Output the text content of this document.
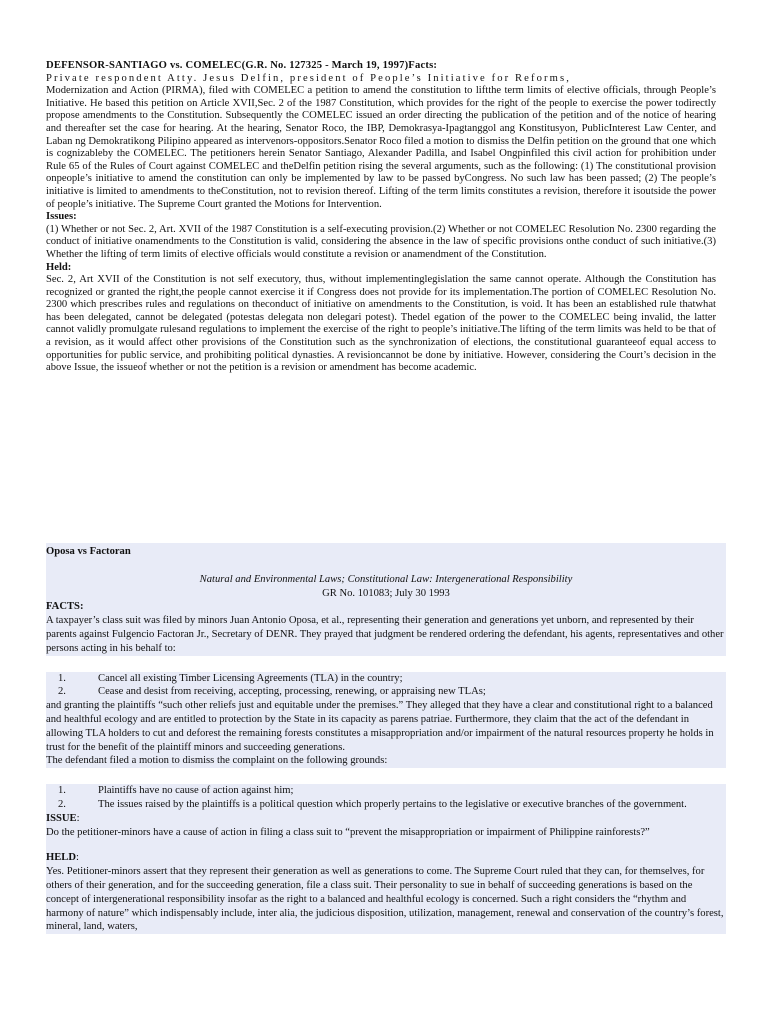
DEFENSOR-SANTIAGO vs. COMELEC(G.R. No. 127325 - March 19, 1997)Facts:

Private respondent Atty. Jesus Delfin, president of People’s Initiative for Reforms,

Modernization and Action (PIRMA), filed with COMELEC a petition to amend the constitution to liftthe term limits of elective officials, through People’s Initiative. He based this petition on Article XVII,Sec. 2 of the 1987 Constitution, which provides for the right of the people to exercise the power todirectly propose amendments to the Constitution. Subsequently the COMELEC issued an order directing the publication of the petition and of the notice of hearing and thereafter set the case for hearing. At the hearing, Senator Roco, the IBP, Demokrasya-Ipagtanggol ang Konstitusyon, PublicInterest Law Center, and Laban ng Demokratikong Pilipino appeared as intervenors-oppositors.Senator Roco filed a motion to dismiss the Delfin petition on the ground that one which is cognizableby the COMELEC. The petitioners herein Senator Santiago, Alexander Padilla, and Isabel Ongpinfiled this civil action for prohibition under Rule 65 of the Rules of Court against COMELEC and theDelfin petition rising the several arguments, such as the following: (1) The constitutional provision onpeople’s initiative to amend the constitution can only be implemented by law to be passed byCongress. No such law has been passed; (2) The people’s initiative is limited to amendments to theConstitution, not to revision thereof. Lifting of the term limits constitutes a revision, therefore it isoutside the power of people’s initiative. The Supreme Court granted the Motions for Intervention.

Issues:

(1) Whether or not Sec. 2, Art. XVII of the 1987 Constitution is a self-executing provision.(2) Whether or not COMELEC Resolution No. 2300 regarding the conduct of initiative onamendments to the Constitution is valid, considering the absence in the law of specific provisions onthe conduct of such initiative.(3) Whether the lifting of term limits of elective officials would constitute a revision or anamendment of the Constitution.

Held:

Sec. 2, Art XVII of the Constitution is not self executory, thus, without implementinglegislation the same cannot operate. Although the Constitution has recognized or granted the right,the people cannot exercise it if Congress does not provide for its implementation.The portion of COMELEC Resolution No. 2300 which prescribes rules and regulations on theconduct of initiative on amendments to the Constitution, is void. It has been an established rule thatwhat has been delegated, cannot be delegated (potestas delegata non delegari potest). Thedel egation of the power to the COMELEC being invalid, the latter cannot validly promulgate rulesand regulations to implement the exercise of the right to people’s initiative.The lifting of the term limits was held to be that of a revision, as it would affect other provisions of the Constitution such as the synchronization of elections, the constitutional guaranteeof equal access to opportunities for public service, and prohibiting political dynasties. A revisioncannot be done by initiative. However, considering the Court’s decision in the above Issue, the issueof whether or not the petition is a revision or amendment has become academic.

Oposa vs Factoran
Natural and Environmental Laws; Constitutional Law: Intergenerational Responsibility
GR No. 101083; July 30 1993
FACTS:

A taxpayer’s class suit was filed by minors Juan Antonio Oposa, et al., representing their generation and generations yet unborn, and represented by their parents against Fulgencio Factoran Jr., Secretary of DENR. They prayed that judgment be rendered ordering the defendant, his agents, representatives and other persons acting in his behalf to:

1.	Cancel all existing Timber Licensing Agreements (TLA) in the country;
2.	Cease and desist from receiving, accepting, processing, renewing, or appraising new TLAs;

and granting the plaintiffs “such other reliefs just and equitable under the premises.” They alleged that they have a clear and constitutional right to a balanced and healthful ecology and are entitled to protection by the State in its capacity as parens patriae. Furthermore, they claim that the act of the defendant in allowing TLA holders to cut and deforest the remaining forests constitutes a misappropriation and/or impairment of the natural resources property he holds in trust for the benefit of the plaintiff minors and succeeding generations.

The defendant filed a motion to dismiss the complaint on the following grounds:

1.	Plaintiffs have no cause of action against him;
2.	The issues raised by the plaintiffs is a political question which properly pertains to the legislative or executive branches of the government.
ISSUE:

Do the petitioner-minors have a cause of action in filing a class suit to “prevent the misappropriation or impairment of Philippine rainforests?”

HELD:

Yes. Petitioner-minors assert that they represent their generation as well as generations to come. The Supreme Court ruled that they can, for themselves, for others of their generation, and for the succeeding generation, file a class suit. Their personality to sue in behalf of succeeding generations is based on the concept of intergenerational responsibility insofar as the right to a balanced and healthful ecology is concerned. Such a right considers the “rhythm and harmony of nature” which indispensably include, inter alia, the judicious disposition, utilization, management, renewal and conservation of the country’s forest, mineral, land, waters,
